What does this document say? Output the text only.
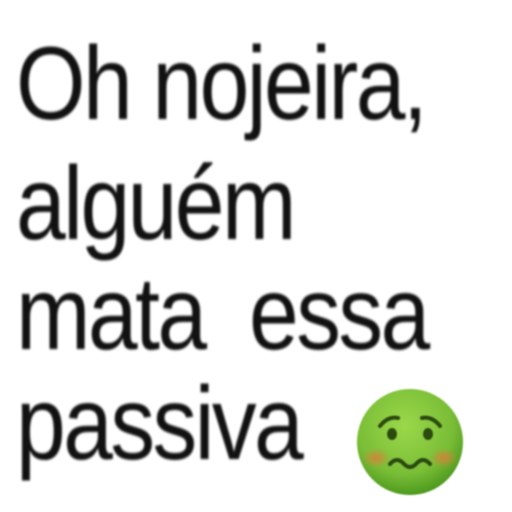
Oh nojeira,
alguém
mata  essa
passiva
